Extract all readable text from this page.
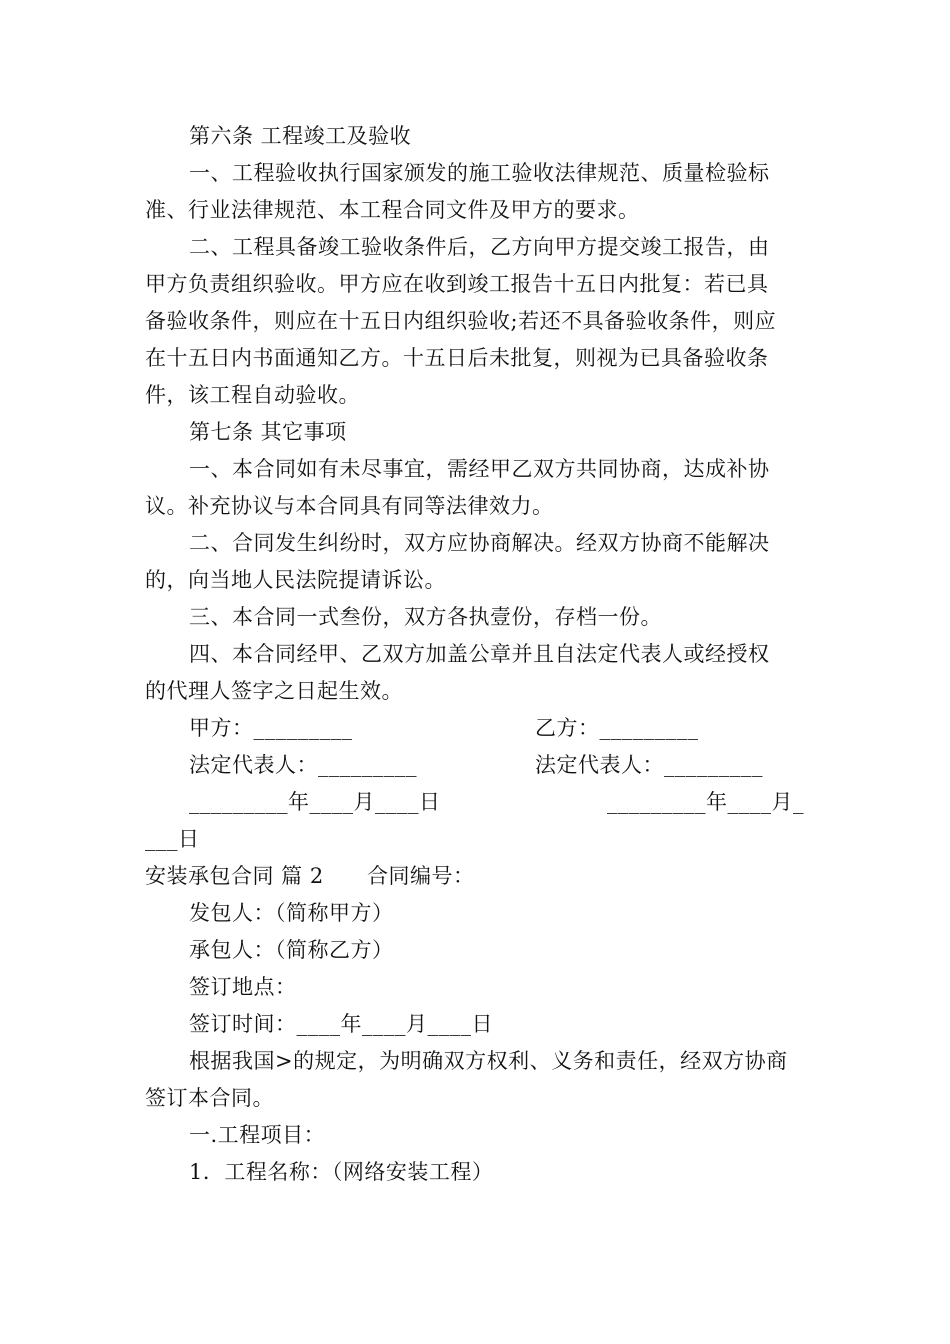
第六条 工程竣工及验收
一、工程验收执行国家颁发的施工验收法律规范、质量检验标
准、行业法律规范、本工程合同文件及甲方的要求。
二、工程具备竣工验收条件后，乙方向甲方提交竣工报告，由
甲方负责组织验收。甲方应在收到竣工报告十五日内批复：若已具
备验收条件，则应在十五日内组织验收;若还不具备验收条件，则应
在十五日内书面通知乙方。十五日后未批复，则视为已具备验收条
件，该工程自动验收。
第七条 其它事项
一、本合同如有未尽事宜，需经甲乙双方共同协商，达成补协
议。补充协议与本合同具有同等法律效力。
二、合同发生纠纷时，双方应协商解决。经双方协商不能解决
的，向当地人民法院提请诉讼。
三、本合同一式叁份，双方各执壹份，存档一份。
四、本合同经甲、乙双方加盖公章并且自法定代表人或经授权
的代理人签字之日起生效。
甲方：_________	乙方：_________
法定代表人：_________	法定代表人：_________
_________年____月____日	_________年____月_
___日
安装承包合同 篇 2 合同编号：
发包人：（简称甲方）
承包人：（简称乙方）
签订地点：
签订时间：____年____月____日
根据我国>的规定，为明确双方权利、义务和责任，经双方协商
签订本合同。
一.工程项目：
1．工程名称：（网络安装工程）
